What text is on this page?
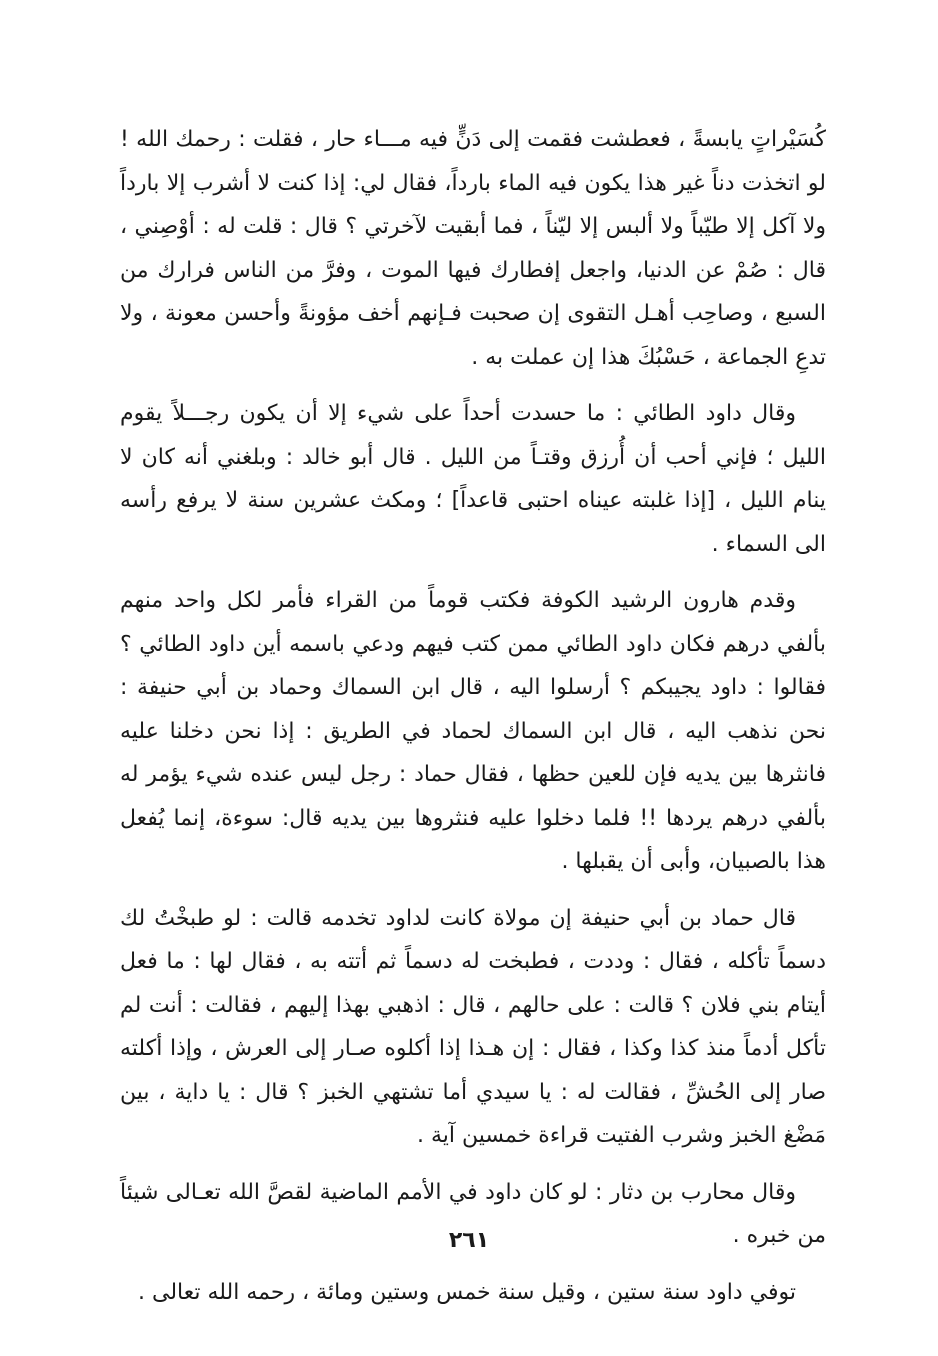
كُسَيْراتٍ يابسةً ، فعطشت فقمت إلى دَنٍّ فيه مـــاء حار ، فقلت : رحمك الله ! لو اتخذت دناً غير هذا يكون فيه الماء بارداً، فقال لي: إذا كنت لا أشرب إلا بارداً ولا آكل إلا طيّباً ولا ألبس إلا ليّناً ، فما أبقيت لآخرتي ؟ قال : قلت له : أوْصِني ، قال : صُمْ عن الدنيا، واجعل إفطارك فيها الموت ، وفرَّ من الناس فرارك من السبع ، وصاحِب أهـل التقوى إن صحبت فـإنهم أخف مؤونةً وأحسن معونة ، ولا تدعِ الجماعة ، حَسْبُكَ هذا إن عملت به .

وقال داود الطائي : ما حسدت أحداً على شيء إلا أن يكون رجـــلاً يقوم الليل ؛ فإني أحب أن أُرزق وقتـاً من الليل . قال أبو خالد : وبلغني أنه كان لا ينام الليل ، [إذا غلبته عيناه احتبى قاعداً] ؛ ومكث عشرين سنة لا يرفع رأسه الى السماء .

وقدم هارون الرشيد الكوفة فكتب قوماً من القراء فأمر لكل واحد منهم بألفي درهم فكان داود الطائي ممن كتب فيهم ودعي باسمه أين داود الطائي ؟ فقالوا : داود يجيبكم ؟ أرسلوا اليه ، قال ابن السماك وحماد بن أبي حنيفة : نحن نذهب اليه ، قال ابن السماك لحماد في الطريق : إذا نحن دخلنا عليه فانثرها بين يديه فإن للعين حظها ، فقال حماد : رجل ليس عنده شيء يؤمر له بألفي درهم يردها !! فلما دخلوا عليه فنثروها بين يديه قال: سوءة، إنما يُفعل هذا بالصبيان، وأبى أن يقبلها .

قال حماد بن أبي حنيفة إن مولاة كانت لداود تخدمه قالت : لو طبخْتُ لك دسماً تأكله ، فقال : وددت ، فطبخت له دسماً ثم أتته به ، فقال لها : ما فعل أيتام بني فلان ؟ قالت : على حالهم ، قال : اذهبي بهذا إليهم ، فقالت : أنت لم تأكل أدماً منذ كذا وكذا ، فقال : إن هـذا إذا أكلوه صـار إلى العرش ، وإذا أكلته صار إلى الحُشِّ ، فقالت له : يا سيدي أما تشتهي الخبز ؟ قال : يا داية ، بين مَضْغ الخبز وشرب الفتيت قراءة خمسين آية .

وقال محارب بن دثار : لو كان داود في الأمم الماضية لقصَّ الله تعـالى شيئاً من خبره .

توفي داود سنة ستين ، وقيل سنة خمس وستين ومائة ، رحمه الله تعالى .

٢٦١
